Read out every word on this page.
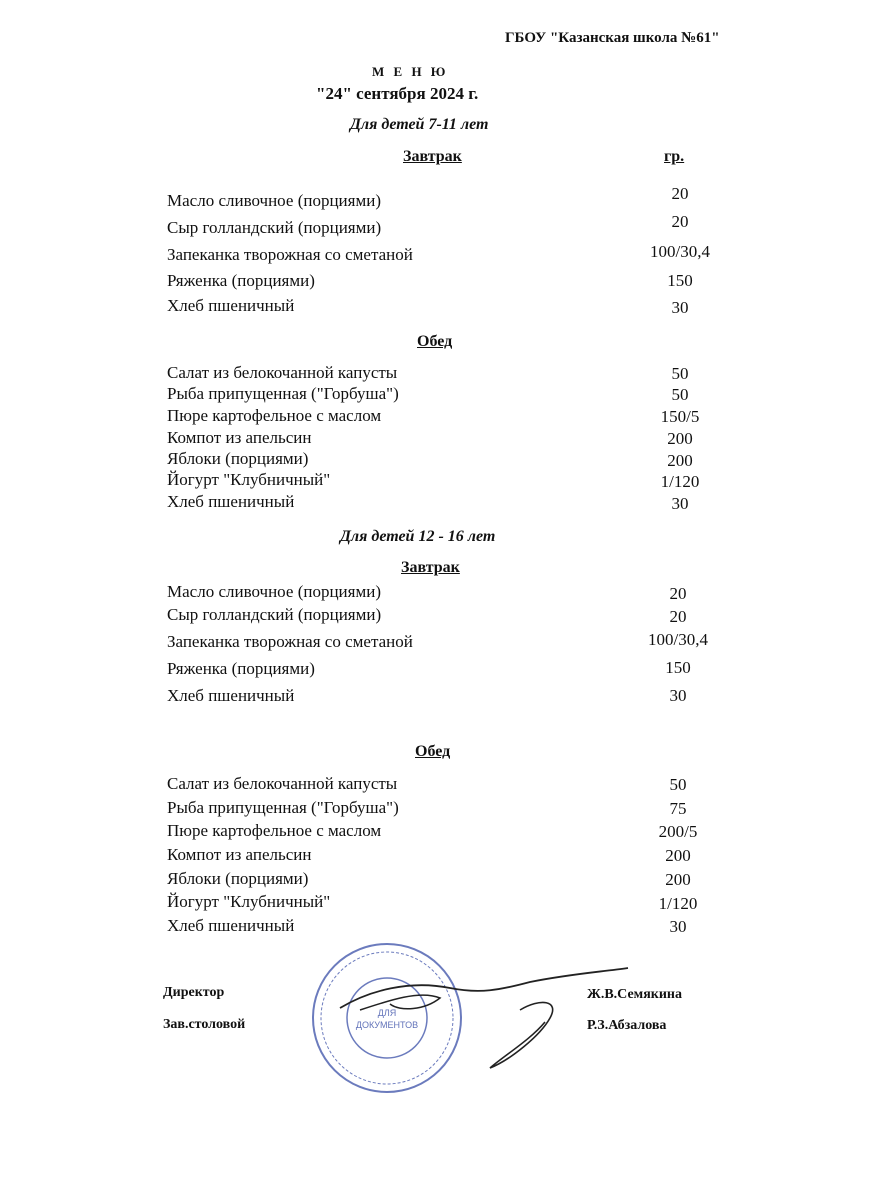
ГБОУ "Казанская школа №61"
М Е Н Ю
"24" сентября 2024 г.
Для детей 7-11 лет
Завтрак	гр.
Масло сливочное (порциями)	20
Сыр голландский (порциями)	20
Запеканка творожная со сметаной	100/30,4
Ряженка (порциями)	150
Хлеб пшеничный	30
Обед
Салат из белокочанной капусты	50
Рыба припущенная ("Горбуша")	50
Пюре картофельное с маслом	150/5
Компот из апельсин	200
Яблоки (порциями)	200
Йогурт "Клубничный"	1/120
Хлеб пшеничный	30
Для детей 12 - 16 лет
Завтрак
Масло сливочное (порциями)	20
Сыр голландский (порциями)	20
Запеканка творожная со сметаной	100/30,4
Ряженка (порциями)	150
Хлеб пшеничный	30
Обед
Салат из белокочанной капусты	50
Рыба припущенная ("Горбуша")	75
Пюре картофельное с маслом	200/5
Компот из апельсин	200
Яблоки (порциями)	200
Йогурт "Клубничный"	1/120
Хлеб пшеничный	30
Директор	Ж.В.Семякина
Зав.столовой	Р.З.Абзалова
ДЛЯ
ДОКУМЕНТОВ
